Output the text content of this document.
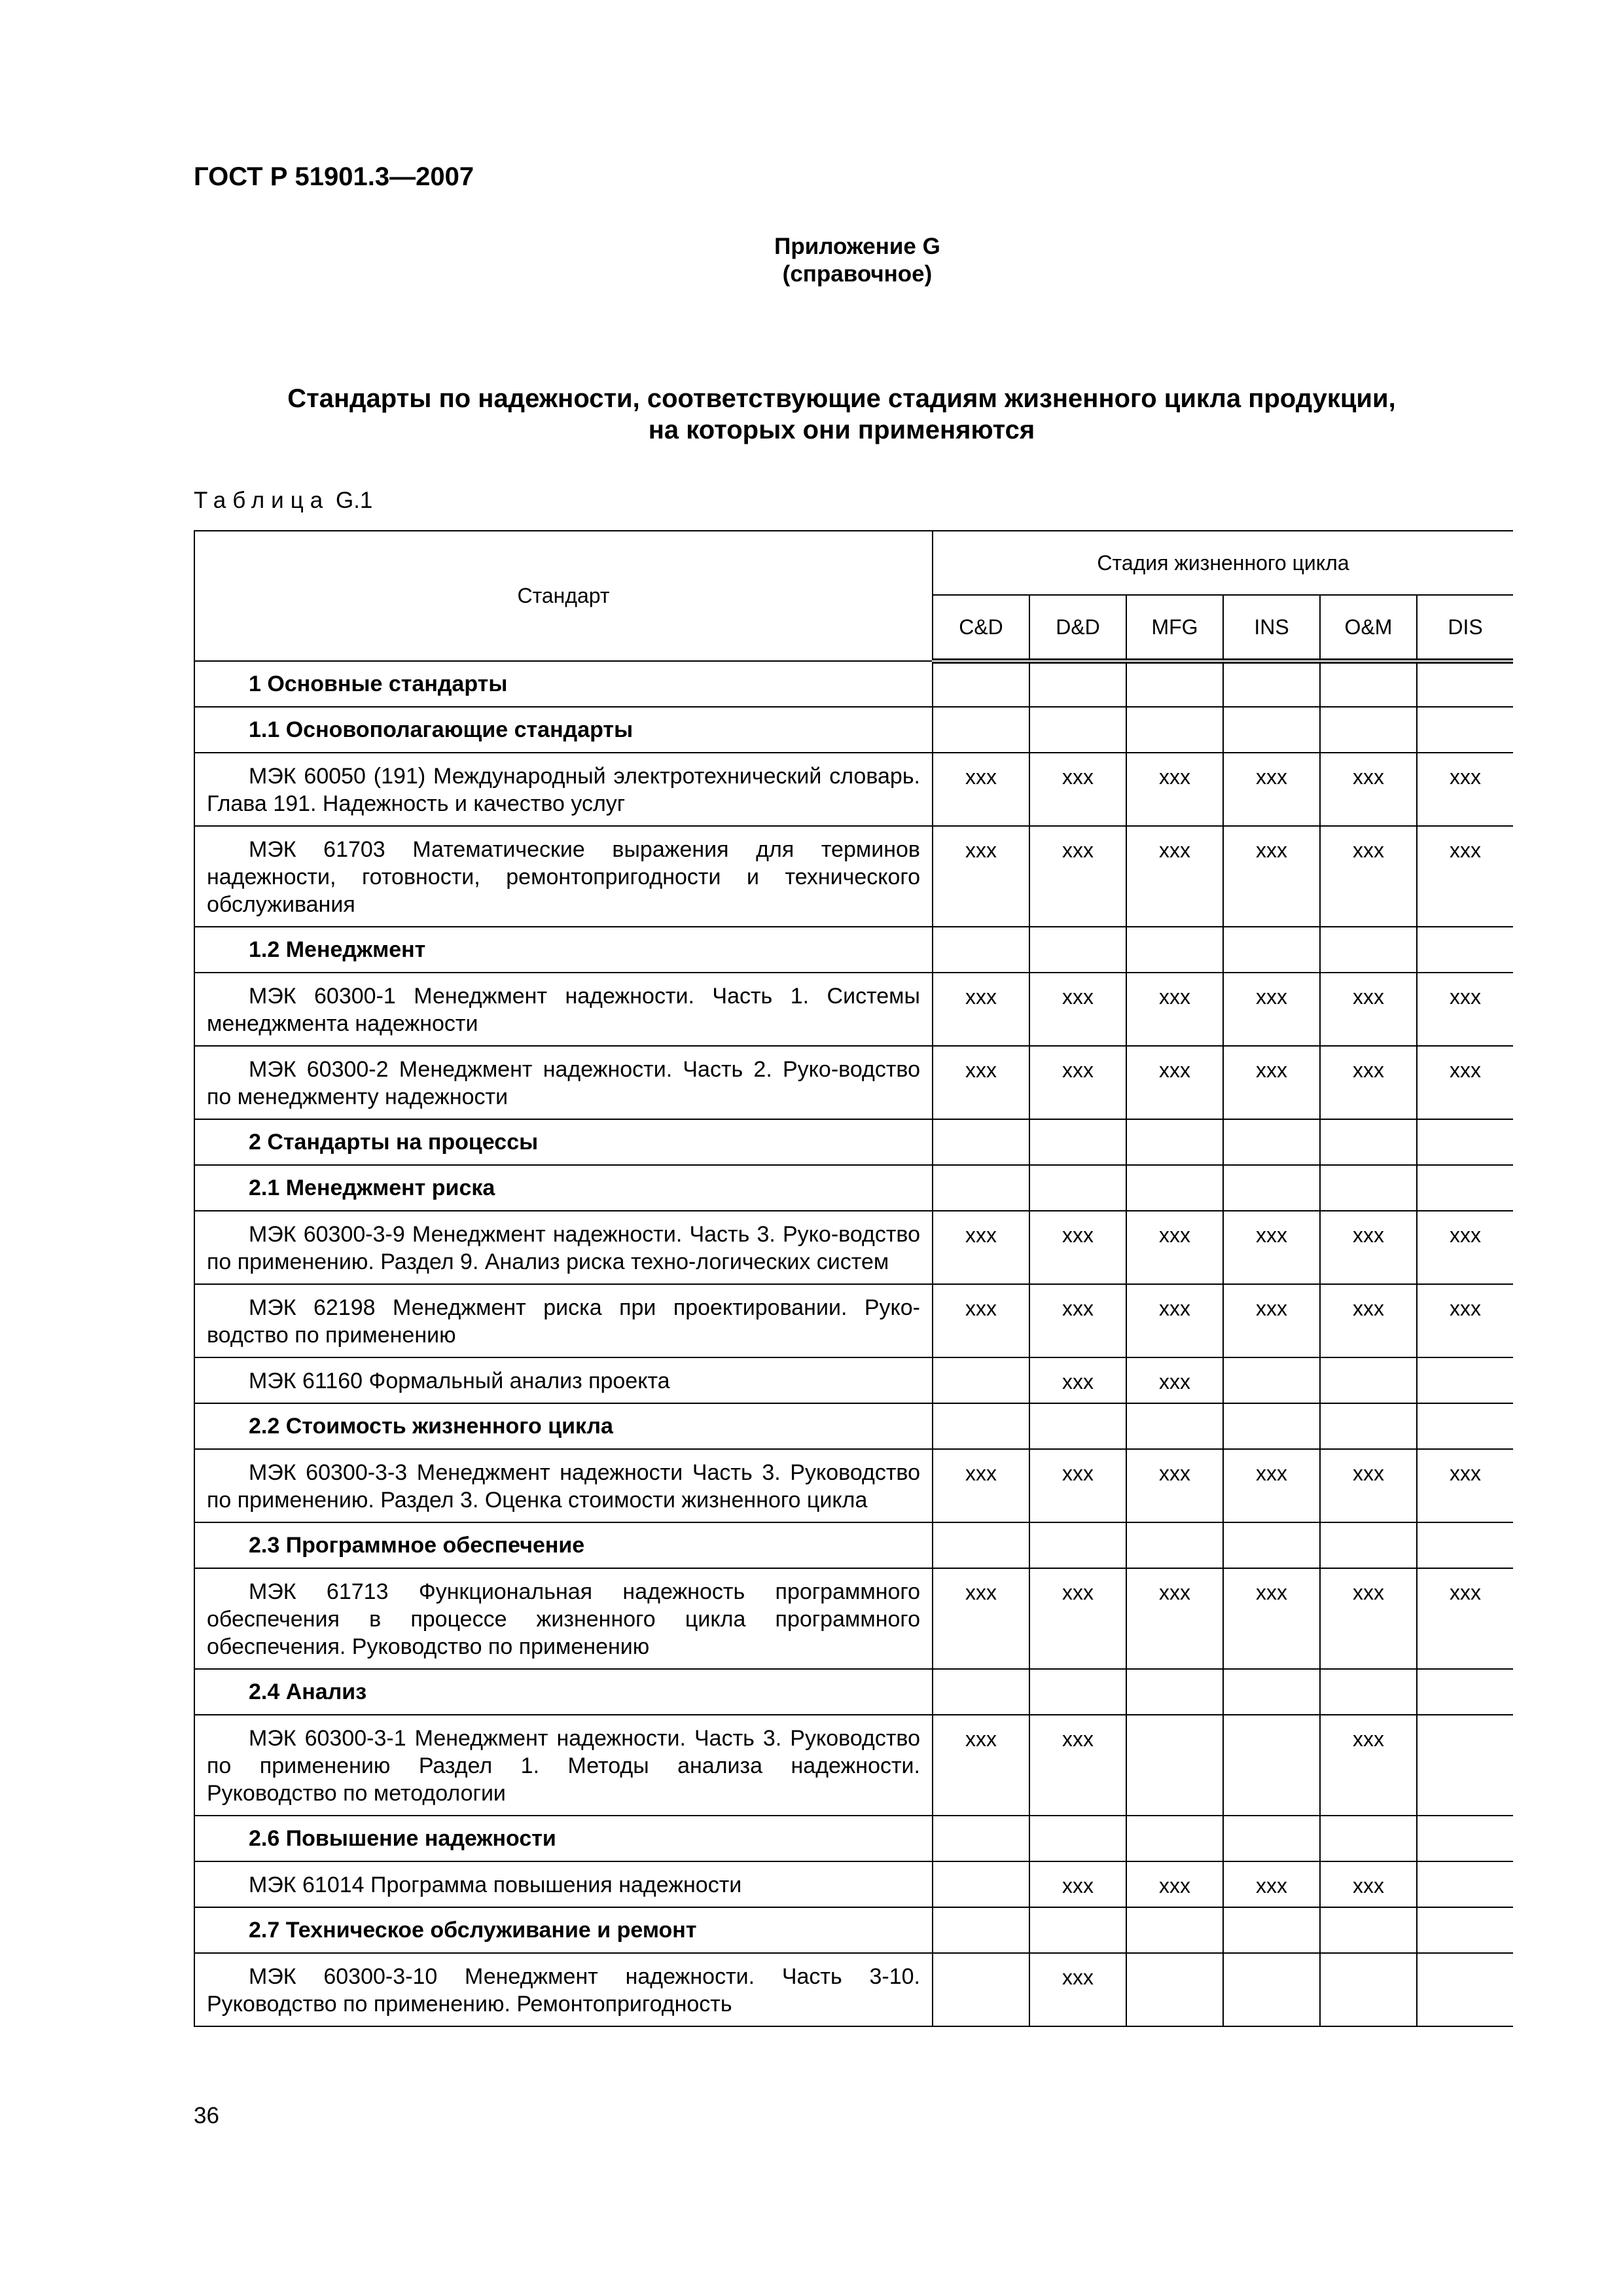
ГОСТ Р 51901.3—2007
Приложение G
(справочное)
Стандарты по надежности, соответствующие стадиям жизненного цикла продукции,
на которых они применяются
Таблица G.1
Стандарт	Стадия жизненного цикла					
	C&D	D&D	MFG	INS	O&M	DIS

1 Основные стандарты						

1.1 Основополагающие стандарты						

МЭК 60050 (191) Международный электротехнический словарь. Глава 191. Надежность и качество услуг	xxx	xxx	xxx	xxx	xxx	xxx

МЭК 61703 Математические выражения для терминов надежности, готовности, ремонтопригодности и технического обслуживания	xxx	xxx	xxx	xxx	xxx	xxx

1.2 Менеджмент						

МЭК 60300-1 Менеджмент надежности. Часть 1. Системы менеджмента надежности	xxx	xxx	xxx	xxx	xxx	xxx

МЭК 60300-2 Менеджмент надежности. Часть 2. Руко-водство по менеджменту надежности	xxx	xxx	xxx	xxx	xxx	xxx

2 Стандарты на процессы						

2.1 Менеджмент риска						

МЭК 60300-3-9 Менеджмент надежности. Часть 3. Руко-водство по применению. Раздел 9. Анализ риска техно-логических систем	xxx	xxx	xxx	xxx	xxx	xxx

МЭК 62198 Менеджмент риска при проектировании. Руко-водство по применению	xxx	xxx	xxx	xxx	xxx	xxx

МЭК 61160 Формальный анализ проекта		xxx	xxx			

2.2 Стоимость жизненного цикла						

МЭК 60300-3-3 Менеджмент надежности Часть 3. Руководство по применению. Раздел 3. Оценка стоимости жизненного цикла	xxx	xxx	xxx	xxx	xxx	xxx

2.3 Программное обеспечение						

МЭК 61713 Функциональная надежность программного обеспечения в процессе жизненного цикла программного обеспечения. Руководство по применению	xxx	xxx	xxx	xxx	xxx	xxx

2.4 Анализ						

МЭК 60300-3-1 Менеджмент надежности. Часть 3. Руководство по применению Раздел 1. Методы анализа надежности. Руководство по методологии	xxx	xxx			xxx	

2.6 Повышение надежности						

МЭК 61014 Программа повышения надежности		xxx	xxx	xxx	xxx	

2.7 Техническое обслуживание и ремонт						

МЭК 60300-3-10 Менеджмент надежности. Часть 3-10. Руководство по применению. Ремонтопригодность		xxx				
36
